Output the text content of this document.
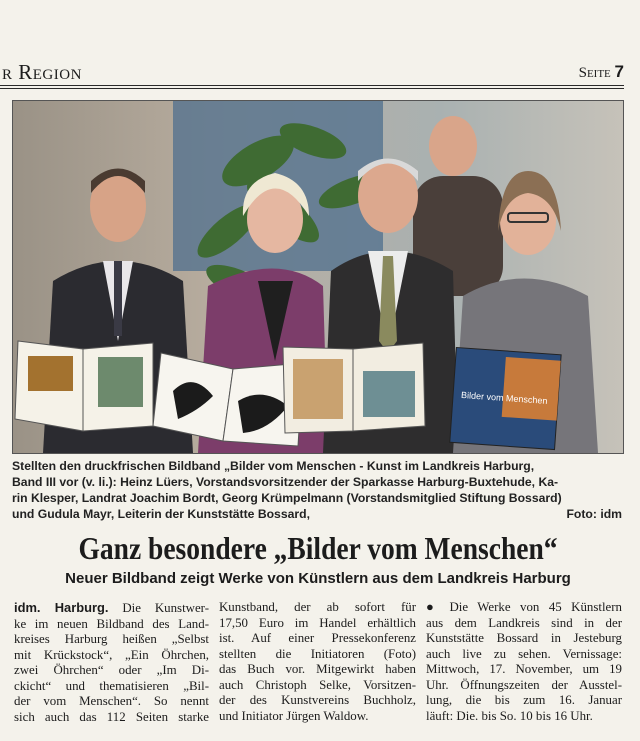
r Region	Seite 7
Bilder vom Menschen
Stellten den druckfrischen Bildband „Bilder vom Menschen - Kunst im Landkreis Harburg,
Band III vor (v. li.): Heinz Lüers, Vorstandsvorsitzender der Sparkasse Harburg-Buxtehude, Ka-
rin Klesper, Landrat Joachim Bordt, Georg Krümpelmann (Vorstandsmitglied Stiftung Bossard)
und Gudula Mayr, Leiterin der Kunststätte Bossard,	Foto: idm
Ganz besondere „Bilder vom Menschen“
Neuer Bildband zeigt Werke von Künstlern aus dem Landkreis Harburg
idm. Harburg. Die Kunstwer-
ke im neuen Bildband des Land-
kreises Harburg heißen „Selbst
mit Krückstock“, „Ein Öhrchen,
zwei Öhrchen“ oder „Im Di-
ckicht“ und thematisieren „Bil-
der vom Menschen“. So nennt
sich auch das 112 Seiten starke
Kunstband, der ab sofort für
17,50 Euro im Handel erhältlich
ist. Auf einer Pressekonferenz
stellten die Initiatoren (Foto)
das Buch vor. Mitgewirkt haben
auch Christoph Selke, Vorsitzen-
der des Kunstvereins Buchholz,
und Initiator Jürgen Waldow.
● Die Werke von 45 Künstlern
aus dem Landkreis sind in der
Kunststätte Bossard in Jesteburg
auch live zu sehen. Vernissage:
Mittwoch, 17. November, um 19
Uhr. Öffnungszeiten der Ausstel-
lung, die bis zum 16. Januar
läuft: Die. bis So. 10 bis 16 Uhr.
